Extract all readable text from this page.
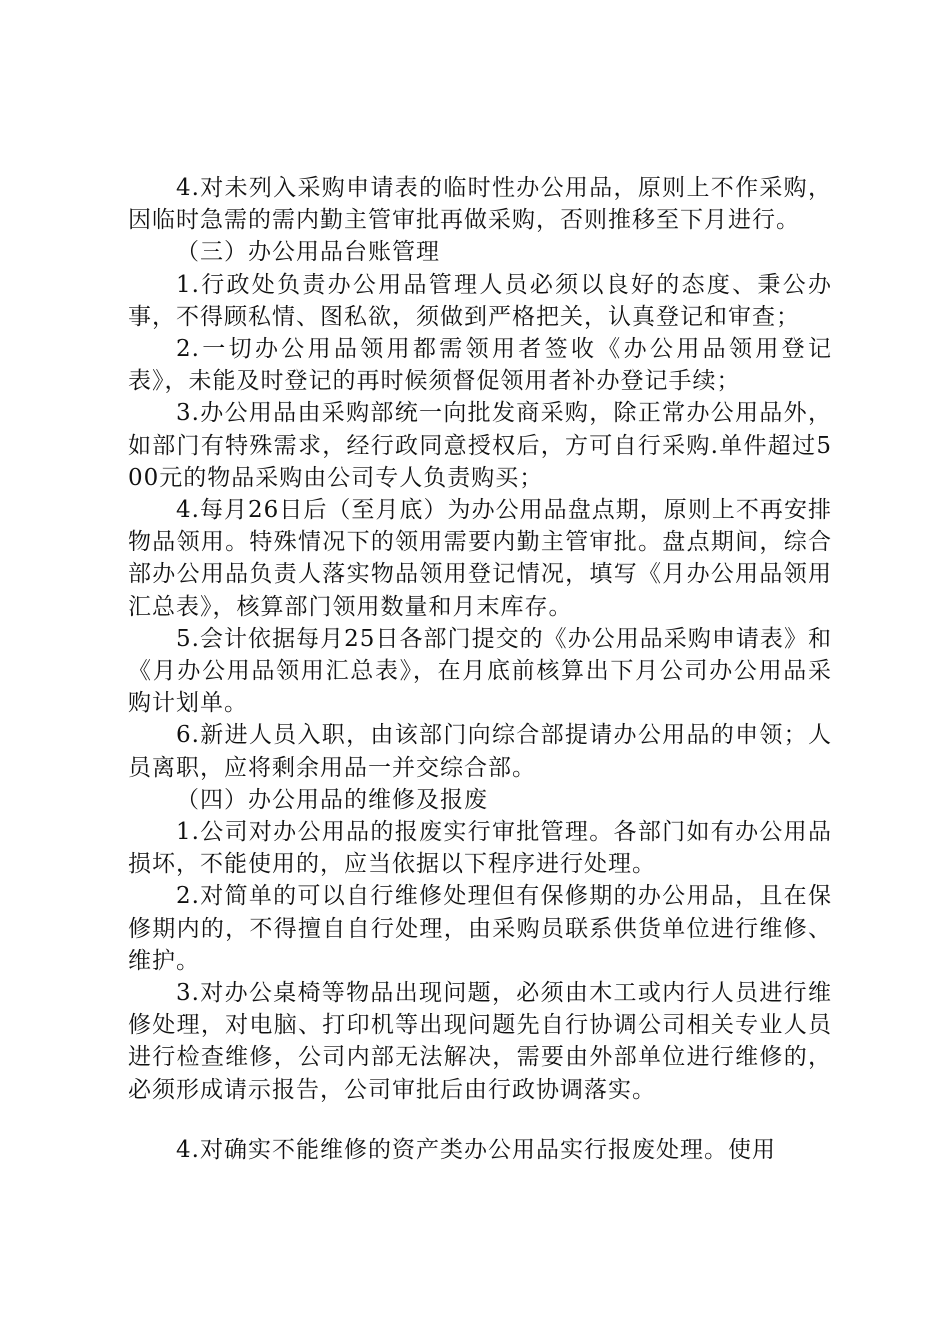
4.对未列入采购申请表的临时性办公用品，原则上不作采购，因临时急需的需内勤主管审批再做采购，否则推移至下月进行。

（三）办公用品台账管理

1.行政处负责办公用品管理人员必须以良好的态度、秉公办事，不得顾私情、图私欲，须做到严格把关，认真登记和审查；

2.一切办公用品领用都需领用者签收《办公用品领用登记表》，未能及时登记的再时候须督促领用者补办登记手续；

3.办公用品由采购部统一向批发商采购，除正常办公用品外，如部门有特殊需求，经行政同意授权后，方可自行采购.单件超过500元的物品采购由公司专人负责购买；

4.每月26日后（至月底）为办公用品盘点期，原则上不再安排物品领用。特殊情况下的领用需要内勤主管审批。盘点期间，综合部办公用品负责人落实物品领用登记情况，填写《月办公用品领用汇总表》，核算部门领用数量和月末库存。

5.会计依据每月25日各部门提交的《办公用品采购申请表》和《月办公用品领用汇总表》，在月底前核算出下月公司办公用品采购计划单。

6.新进人员入职，由该部门向综合部提请办公用品的申领；人员离职，应将剩余用品一并交综合部。

（四）办公用品的维修及报废

1.公司对办公用品的报废实行审批管理。各部门如有办公用品损坏，不能使用的，应当依据以下程序进行处理。

2.对简单的可以自行维修处理但有保修期的办公用品，且在保修期内的，不得擅自自行处理，由采购员联系供货单位进行维修、维护。

3.对办公桌椅等物品出现问题，必须由木工或内行人员进行维修处理，对电脑、打印机等出现问题先自行协调公司相关专业人员进行检查维修，公司内部无法解决，需要由外部单位进行维修的，必须形成请示报告，公司审批后由行政协调落实。

4.对确实不能维修的资产类办公用品实行报废处理。使用
